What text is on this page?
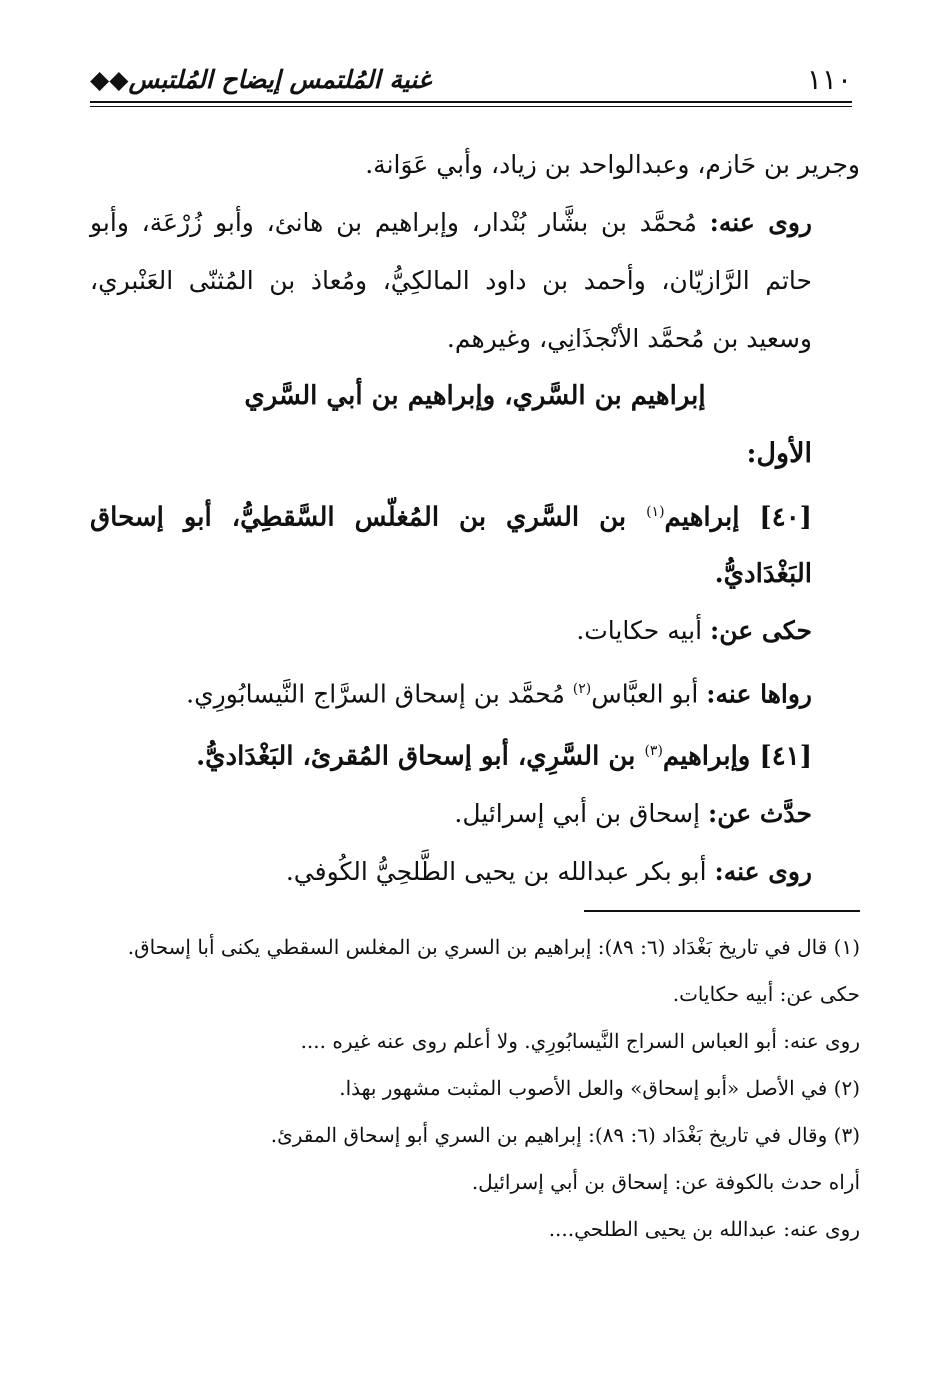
١١٠
غنية المُلتمس إيضاح المُلتبس◆◆

وجرير بن حَازم، وعبدالواحد بن زياد، وأبي عَوَانة.

روى عنه: مُحمَّد بن بشَّار بُنْدار، وإبراهيم بن هانئ، وأبو زُرْعَة، وأبو حاتم الرَّازيّان، وأحمد بن داود المالكِيُّ، ومُعاذ بن المُثنّى العَنْبري، وسعيد بن مُحمَّد الأنْجذَانِي، وغيرهم.

إبراهيم بن السَّري، وإبراهيم بن أبي السَّري

الأول:

[٤٠] إبراهيم$^{(١)}$ بن السَّري بن المُغلّس السَّقطِيُّ، أبو إسحاق البَغْدَاديُّ.

حكى عن: أبيه حكايات.

رواها عنه: أبو العبَّاس$^{(٢)}$ مُحمَّد بن إسحاق السرَّاج النَّيسابُورِي.

[٤١] وإبراهيم$^{(٣)}$ بن السَّرِي، أبو إسحاق المُقرئ، البَغْدَاديُّ.

حدَّث عن: إسحاق بن أبي إسرائيل.

روى عنه: أبو بكر عبدالله بن يحيى الطَّلحِيُّ الكُوفي.

(١) قال في تاريخ بَغْدَاد (٦: ٨٩): إبراهيم بن السري بن المغلس السقطي يكنى أبا إسحاق.

حكى عن: أبيه حكايات.

روى عنه: أبو العباس السراج النَّيسابُورِي. ولا أعلم روى عنه غيره ....

(٢) في الأصل «أبو إسحاق» والعل الأصوب المثبت مشهور بهذا.

(٣) وقال في تاريخ بَغْدَاد (٦: ٨٩): إبراهيم بن السري أبو إسحاق المقرئ.

أراه حدث بالكوفة عن: إسحاق بن أبي إسرائيل.

روى عنه: عبدالله بن يحيى الطلحي....
